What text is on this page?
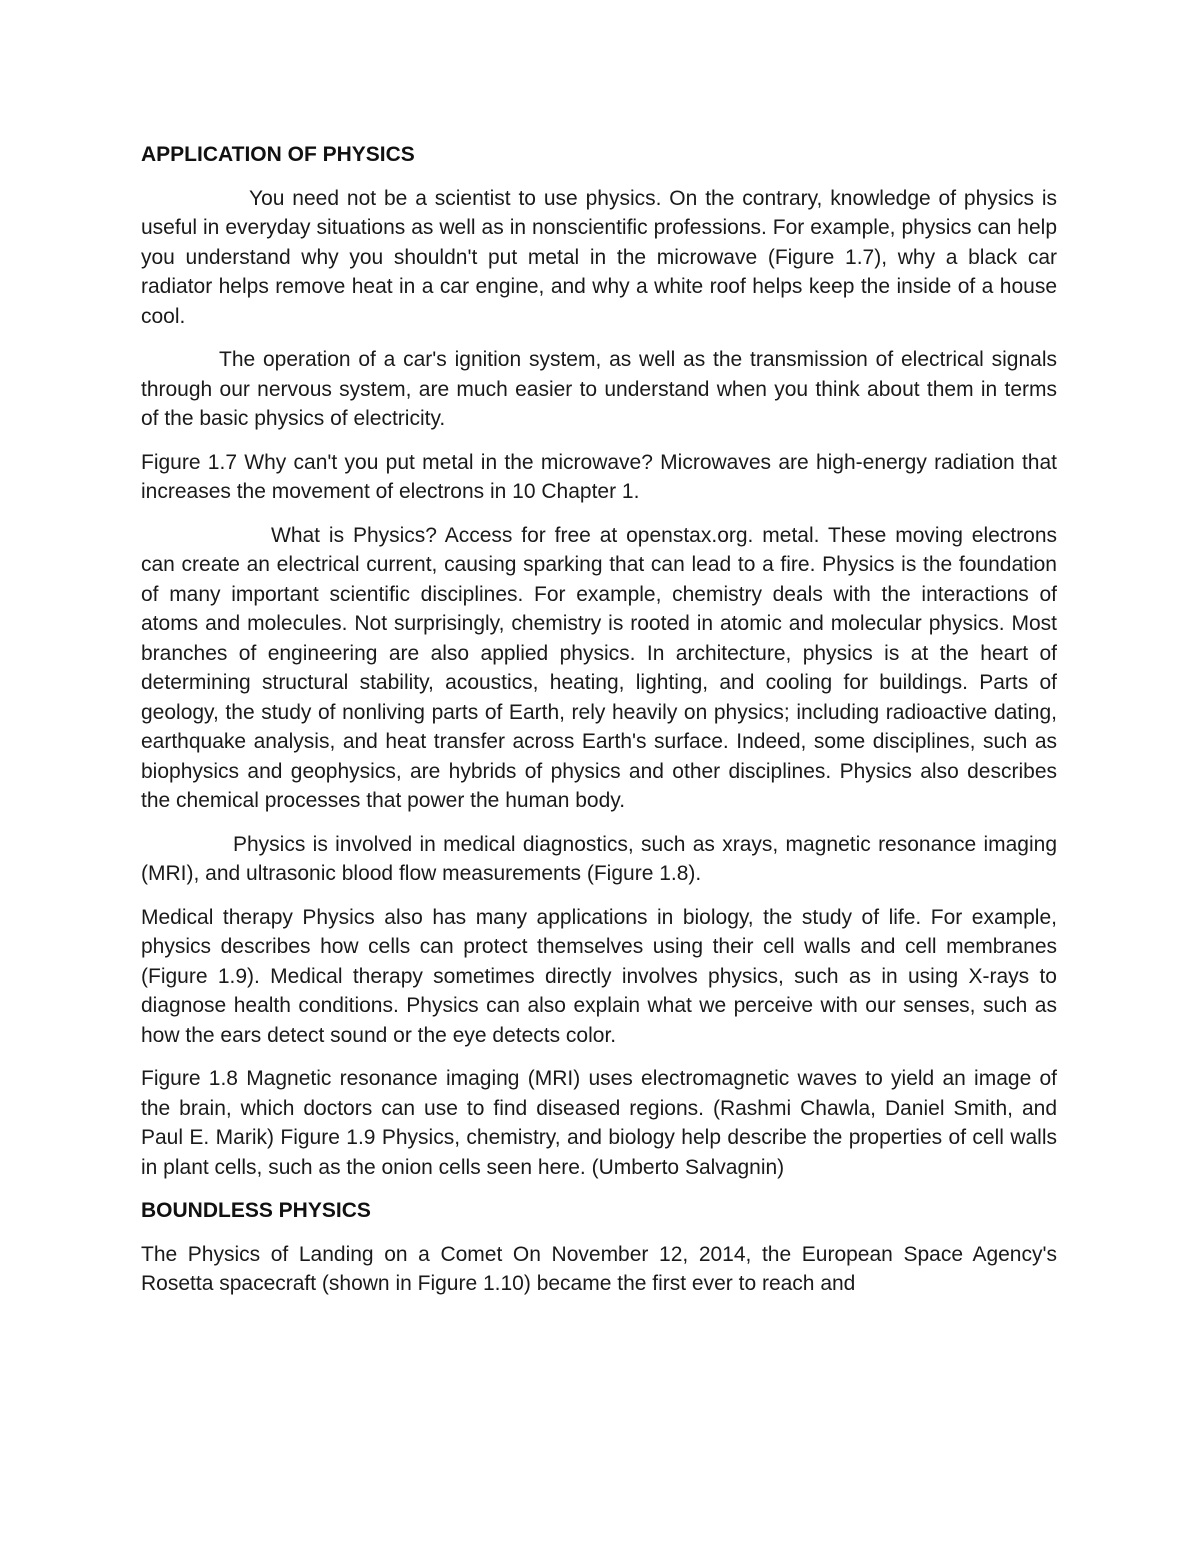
APPLICATION OF PHYSICS

You need not be a scientist to use physics. On the contrary, knowledge of physics is useful in everyday situations as well as in nonscientific professions. For example, physics can help you understand why you shouldn't put metal in the microwave (Figure 1.7), why a black car radiator helps remove heat in a car engine, and why a white roof helps keep the inside of a house cool.

The operation of a car's ignition system, as well as the transmission of electrical signals through our nervous system, are much easier to understand when you think about them in terms of the basic physics of electricity.

Figure 1.7 Why can't you put metal in the microwave? Microwaves are high-energy radiation that increases the movement of electrons in 10 Chapter 1.

What is Physics? Access for free at openstax.org. metal. These moving electrons can create an electrical current, causing sparking that can lead to a fire. Physics is the foundation of many important scientific disciplines. For example, chemistry deals with the interactions of atoms and molecules. Not surprisingly, chemistry is rooted in atomic and molecular physics. Most branches of engineering are also applied physics. In architecture, physics is at the heart of determining structural stability, acoustics, heating, lighting, and cooling for buildings. Parts of geology, the study of nonliving parts of Earth, rely heavily on physics; including radioactive dating, earthquake analysis, and heat transfer across Earth's surface. Indeed, some disciplines, such as biophysics and geophysics, are hybrids of physics and other disciplines. Physics also describes the chemical processes that power the human body.

Physics is involved in medical diagnostics, such as xrays, magnetic resonance imaging (MRI), and ultrasonic blood flow measurements (Figure 1.8).

Medical therapy Physics also has many applications in biology, the study of life. For example, physics describes how cells can protect themselves using their cell walls and cell membranes (Figure 1.9). Medical therapy sometimes directly involves physics, such as in using X-rays to diagnose health conditions. Physics can also explain what we perceive with our senses, such as how the ears detect sound or the eye detects color.

Figure 1.8 Magnetic resonance imaging (MRI) uses electromagnetic waves to yield an image of the brain, which doctors can use to find diseased regions. (Rashmi Chawla, Daniel Smith, and Paul E. Marik) Figure 1.9 Physics, chemistry, and biology help describe the properties of cell walls in plant cells, such as the onion cells seen here. (Umberto Salvagnin)

BOUNDLESS PHYSICS

The Physics of Landing on a Comet On November 12, 2014, the European Space Agency's Rosetta spacecraft (shown in Figure 1.10) became the first ever to reach and
